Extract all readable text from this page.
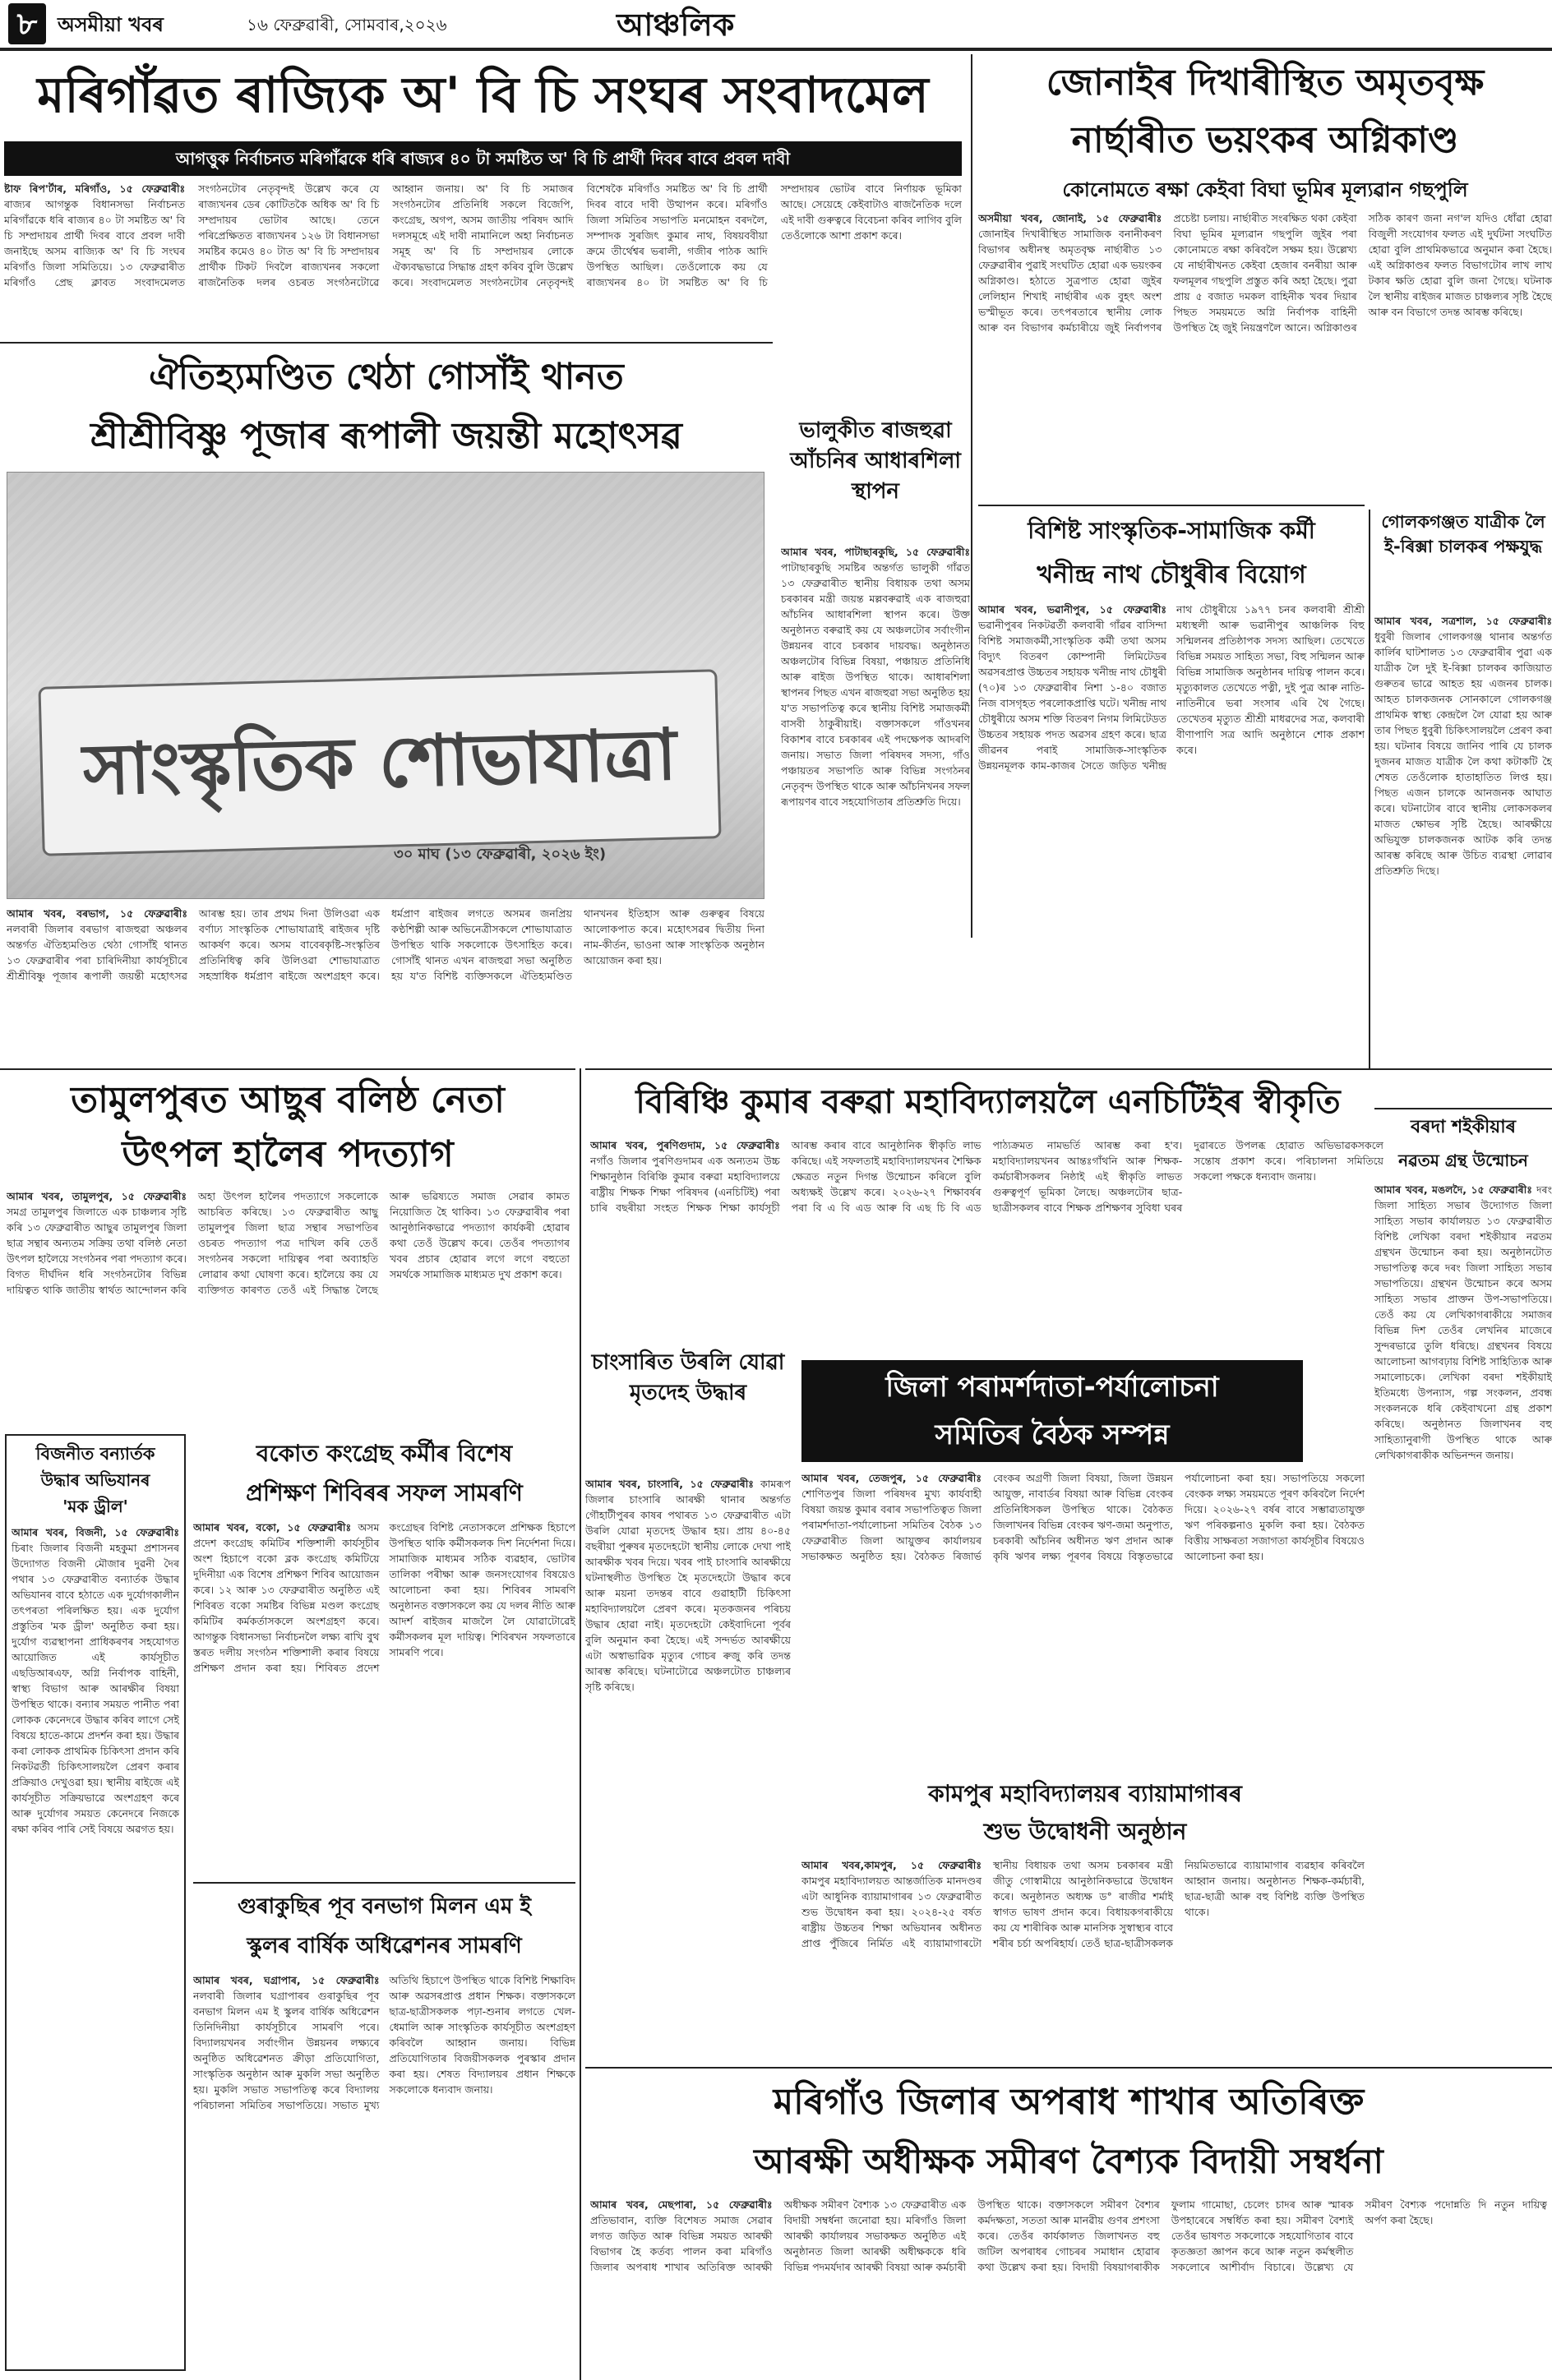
৮	অসমীয়া খবৰ	১৬ ফেব্ৰুৱাৰী, সোমবাৰ,২০২৬	আঞ্চলিক
মৰিগাঁৱত ৰাজ্যিক অ' বি চি সংঘৰ সংবাদমেল
আগত্তুক নিৰ্বাচনত মৰিগাঁৱকে ধৰি ৰাজ্যৰ ৪০ টা সমষ্টিত অ' বি চি প্ৰাৰ্থী দিবৰ বাবে প্ৰবল দাবী
ষ্টাফ ৰিপ'ৰ্টাৰ, মৰিগাঁও, ১৫ ফেব্ৰুৱাৰীঃ ৰাজ্যৰ আগন্তুক বিধানসভা নিৰ্বাচনত মৰিগাঁৱকে ধৰি ৰাজ্যৰ ৪০ টা সমষ্টিত অ' বি চি সম্প্ৰদায়ৰ প্ৰাৰ্থী দিবৰ বাবে প্ৰবল দাবী জনাইছে অসম ৰাজ্যিক অ' বি চি সংঘৰ মৰিগাঁও জিলা সমিতিয়ে। ১৩ ফেব্ৰুৱাৰীত মৰিগাঁও প্ৰেছ ক্লাবত সংবাদমেলত সংগঠনটোৰ নেতৃবৃন্দই উল্লেখ কৰে যে ৰাজ্যখনৰ ডেৰ কোটিতকৈ অধিক অ' বি চি সম্প্ৰদায়ৰ ভোটাৰ আছে। তেনে পৰিপ্ৰেক্ষিতত ৰাজ্যখনৰ ১২৬ টা বিধানসভা সমষ্টিৰ কমেও ৪০ টাত অ' বি চি সম্প্ৰদায়ৰ প্ৰাৰ্থীক টিকট দিবলৈ ৰাজ্যখনৰ সকলো ৰাজনৈতিক দলৰ ওচৰত সংগঠনটোৱে আহ্বান জনায়। অ' বি চি সমাজৰ সংগঠনটোৰ প্ৰতিনিধি সকলে বিজেপি, কংগ্ৰেছ, অগপ, অসম জাতীয় পৰিষদ আদি দলসমূহে এই দাবী নামানিলে অহা নিৰ্বাচনত সমূহ অ' বি চি সম্প্ৰদায়ৰ লোকে ঐক্যবদ্ধভাৱে সিদ্ধান্ত গ্ৰহণ কৰিব বুলি উল্লেখ কৰে। সংবাদমেলত সংগঠনটোৰ নেতৃবৃন্দই বিশেষকৈ মৰিগাঁও সমষ্টিত অ' বি চি প্ৰাৰ্থী দিবৰ বাবে দাবী উত্থাপন কৰে। মৰিগাঁও জিলা সমিতিৰ সভাপতি মনমোহন বৰদলৈ, সম্পাদক সুৰজিৎ কুমাৰ নাথ, বিষয়ববীয়া ক্ৰমে তীৰ্থেশ্বৰ ভৰালী, গজীৰ পাঠক আদি উপস্থিত আছিল। তেওঁলোকে কয় যে ৰাজ্যখনৰ ৪০ টা সমষ্টিত অ' বি চি সম্প্ৰদায়ৰ ভোটৰ বাবে নিৰ্ণায়ক ভূমিকা আছে। সেয়েহে কেইবাটাও ৰাজনৈতিক দলে এই দাবী গুৰুত্বৰে বিবেচনা কৰিব লাগিব বুলি তেওঁলোকে আশা প্ৰকাশ কৰে।
জোনাইৰ দিখাৰীস্থিত অমৃতবৃক্ষ
নাৰ্ছাৰীত ভয়ংকৰ অগ্নিকাণ্ড
কোনোমতে ৰক্ষা কেইবা বিঘা ভূমিৰ মূল্যৱান গছপুলি
অসমীয়া খবৰ, জোনাই, ১৫ ফেব্ৰুৱাৰীঃ জোনাইৰ দিখাৰীস্থিত সামাজিক বনানীকৰণ বিভাগৰ অধীনস্থ অমৃতবৃক্ষ নাৰ্ছাৰীত ১৩ ফেব্ৰুৱাৰীৰ পুৱাই সংঘটিত হোৱা এক ভয়ংকৰ অগ্নিকাণ্ড। হঠাতে সুত্ৰপাত হোৱা জুইৰ লেলিহান শিখাই নাৰ্ছাৰীৰ এক বুহৎ অংশ ভস্মীভূত কৰে। তৎপৰতাৰে স্থানীয় লোক আৰু বন বিভাগৰ কৰ্মচাৰীয়ে জুই নিৰ্বাপণৰ প্ৰচেষ্টা চলায়। নাৰ্ছাৰীত সংৰক্ষিত থকা কেইবা বিঘা ভূমিৰ মূল্যৱান গছপুলি জুইৰ পৰা কোনোমতে ৰক্ষা কৰিবলৈ সক্ষম হয়। উল্লেখ্য যে নাৰ্ছাৰীখনত কেইবা হেজাৰ বনৰীয়া আৰু ফলমূলৰ গছপুলি প্ৰস্তুত কৰি অহা হৈছে। পুৱা প্ৰায় ৫ বজাত দমকল বাহিনীক খবৰ দিয়াৰ পিছত সময়মতে অগ্নি নিৰ্বাপক বাহিনী উপস্থিত হৈ জুই নিয়ন্ত্ৰণলৈ আনে। অগ্নিকাণ্ডৰ সঠিক কাৰণ জনা নগ'ল যদিও ধোঁৱা হোৱা বিজুলী সংযোগৰ ফলত এই দুৰ্ঘটনা সংঘটিত হোৱা বুলি প্ৰাথমিকভাৱে অনুমান কৰা হৈছে। এই অগ্নিকাণ্ডৰ ফলত বিভাগটোৰ লাখ লাখ টকাৰ ক্ষতি হোৱা বুলি জনা গৈছে। ঘটনাক লৈ স্থানীয় ৰাইজৰ মাজত চাঞ্চল্যৰ সৃষ্টি হৈছে আৰু বন বিভাগে তদন্ত আৰম্ভ কৰিছে।
ঐতিহ্যমণ্ডিত থেঠা গোসাঁই থানত
শ্ৰীশ্ৰীবিষ্ণু পূজাৰ ৰূপালী জয়ন্তী মহোৎসৱ
সাংস্কৃতিক শোভাযাত্ৰা
৩০ মাঘ (১৩ ফেব্ৰুৱাৰী, ২০২৬ ইং)
আমাৰ খবৰ, বৰভাগ, ১৫ ফেব্ৰুৱাৰীঃ নলবাৰী জিলাৰ বৰভাগ ৰাজহুৱা অঞ্চলৰ অন্তৰ্গত ঐতিহ্যমণ্ডিত থেঠা গোসাঁই থানত ১৩ ফেব্ৰুৱাৰীৰ পৰা চাৰিদিনীয়া কাৰ্যসূচীৰে শ্ৰীশ্ৰীবিষ্ণু পূজাৰ ৰূপালী জয়ন্তী মহোৎসৱ আৰম্ভ হয়। তাৰ প্ৰথম দিনা উলিওৱা এক বৰ্ণাঢ্য সাংস্কৃতিক শোভাযাত্ৰাই ৰাইজৰ দৃষ্টি আকৰ্ষণ কৰে। অসম বাবেৰকৃষ্টি-সংস্কৃতিৰ প্ৰতিনিধিত্ব কৰি উলিওৱা শোভাযাত্ৰাত সহস্ৰাধিক ধৰ্মপ্ৰাণ ৰাইজে অংশগ্ৰহণ কৰে। ধৰ্মপ্ৰাণ ৰাইজৰ লগতে অসমৰ জনপ্ৰিয় কণ্ঠশিল্পী আৰু অভিনেত্ৰীসকলে শোভাযাত্ৰাত উপস্থিত থাকি সকলোকে উৎসাহিত কৰে। গোসাঁই থানত এখন ৰাজহুৱা সভা অনুষ্ঠিত হয় য'ত বিশিষ্ট ব্যক্তিসকলে ঐতিহ্যমণ্ডিত থানখনৰ ইতিহাস আৰু গুৰুত্বৰ বিষয়ে আলোকপাত কৰে। মহোৎসৱৰ দ্বিতীয় দিনা নাম-কীৰ্তন, ভাওনা আৰু সাংস্কৃতিক অনুষ্ঠান আয়োজন কৰা হয়।
ভালুকীত ৰাজহুৱা আঁচনিৰ আধাৰশিলা স্থাপন
আমাৰ খবৰ, পাটাছাৰকুছি, ১৫ ফেব্ৰুৱাৰীঃ পাটাছাৰকুছি সমষ্টিৰ অন্তৰ্গত ভালুকী গাঁৱত ১৩ ফেব্ৰুৱাৰীত স্থানীয় বিধায়ক তথা অসম চৰকাৰৰ মন্ত্ৰী জয়ন্ত মল্লবৰুৱাই এক ৰাজহুৱা আঁচনিৰ আধাৰশিলা স্থাপন কৰে। উক্ত অনুষ্ঠানত বৰুৱাই কয় যে অঞ্চলটোৰ সৰ্বাংগীন উন্নয়নৰ বাবে চৰকাৰ দায়বদ্ধ। অনুষ্ঠানত অঞ্চলটোৰ বিভিন্ন বিষয়া, পঞ্চায়ত প্ৰতিনিধি আৰু ৰাইজ উপস্থিত থাকে। আধাৰশিলা স্থাপনৰ পিছত এখন ৰাজহুৱা সভা অনুষ্ঠিত হয় য'ত সভাপতিত্ব কৰে স্থানীয় বিশিষ্ট সমাজকৰ্মী বাসবী ঠাকুৰীয়াই। বক্তাসকলে গাঁওখনৰ বিকাশৰ বাবে চৰকাৰৰ এই পদক্ষেপক আদৰণি জনায়। সভাত জিলা পৰিষদৰ সদস্য, গাঁও পঞ্চায়তৰ সভাপতি আৰু বিভিন্ন সংগঠনৰ নেতৃবৃন্দ উপস্থিত থাকে আৰু আঁচনিখনৰ সফল ৰূপায়ণৰ বাবে সহযোগিতাৰ প্ৰতিশ্ৰুতি দিয়ে।
বিশিষ্ট সাংস্কৃতিক-সামাজিক কৰ্মী
খনীন্দ্ৰ নাথ চৌধুৰীৰ বিয়োগ
আমাৰ খবৰ, ভৱানীপুৰ, ১৫ ফেব্ৰুৱাৰীঃ ভৱানীপুৰৰ নিকটৱৰ্তী কলবাৰী গাঁৱৰ বাসিন্দা বিশিষ্ট সমাজকৰ্মী,সাংস্কৃতিক কৰ্মী তথা অসম বিদ্যুৎ বিতৰণ কোম্পানী লিমিটেডৰ অৱসৰপ্ৰাপ্ত উচ্চতৰ সহায়ক খনীন্দ্ৰ নাথ চৌধুৰী (৭০)ৰ ১৩ ফেব্ৰুৱাৰীৰ নিশা ১-৪০ বজাত নিজ বাসগৃহত পৰলোকপ্ৰাপ্তি ঘটে। খনীন্দ্ৰ নাথ চৌধুৰীয়ে অসম শক্তি বিতৰণ নিগম লিমিটেডত উচ্চতৰ সহায়ক পদত অৱসৰ গ্ৰহণ কৰে। ছাত্ৰ জীৱনৰ পৰাই সামাজিক-সাংস্কৃতিক উন্নয়নমূলক কাম-কাজৰ সৈতে জড়িত খনীন্দ্ৰ নাথ চৌধুৰীয়ে ১৯৭৭ চনৰ কলবাৰী শ্ৰীশ্ৰী মধ্যস্থলী আৰু ভৱানীপুৰ আঞ্চলিক বিহু সন্মিলনৰ প্ৰতিষ্ঠাপক সদস্য আছিল। তেখেতে বিভিন্ন সময়ত সাহিত্য সভা, বিহু সন্মিলন আৰু বিভিন্ন সামাজিক অনুষ্ঠানৰ দায়িত্ব পালন কৰে। মৃত্যুকালত তেখেতে পত্নী, দুই পুত্ৰ আৰু নাতি-নাতিনীৰে ভৰা সংসাৰ এৰি থৈ গৈছে। তেখেতৰ মৃত্যুত শ্ৰীশ্ৰী মাধৱদেৱ সত্ৰ, কলবাৰী বীণাপাণি সত্ৰ আদি অনুষ্ঠানে শোক প্ৰকাশ কৰে।
গোলকগঞ্জত যাত্ৰীক লৈ ই-ৰিক্সা চালকৰ পক্ষযুদ্ধ
আমাৰ খবৰ, সত্ৰশাল, ১৫ ফেব্ৰুৱাৰীঃ ধুবুৰী জিলাৰ গোলকগঞ্জ থানাৰ অন্তৰ্গত কাৰ্লিৰ ঘাটশালত ১৩ ফেব্ৰুৱাৰীৰ পুৱা এক যাত্ৰীক লৈ দুই ই-ৰিক্সা চালকৰ কাজিয়াত গুৰুতৰ ভাৱে আহত হয় এজনৰ চালক। আহত চালকজনক সোনকালে গোলকগঞ্জ প্ৰাথমিক স্বাস্থ্য কেন্দ্ৰলৈ লৈ যোৱা হয় আৰু তাৰ পিছত ধুবুৰী চিকিৎসালয়লৈ প্ৰেৰণ কৰা হয়। ঘটনাৰ বিষয়ে জানিব পাৰি যে চালক দুজনৰ মাজত যাত্ৰীক লৈ কথা কটাকটি হৈ শেষত তেওঁলোক হাতাহাতিত লিপ্ত হয়। পিছত এজন চালকে আনজনক আঘাত কৰে। ঘটনাটোৰ বাবে স্থানীয় লোকসকলৰ মাজত ক্ষোভৰ সৃষ্টি হৈছে। আৰক্ষীয়ে অভিযুক্ত চালকজনক আটক কৰি তদন্ত আৰম্ভ কৰিছে আৰু উচিত ব্যৱস্থা লোৱাৰ প্ৰতিশ্ৰুতি দিছে।
তামুলপুৰত আছুৰ বলিষ্ঠ নেতা
উৎপল হালৈৰ পদত্যাগ
আমাৰ খবৰ, তামুলপুৰ, ১৫ ফেব্ৰুৱাৰীঃ সমগ্ৰ তামুলপুৰ জিলাতে এক চাঞ্চল্যৰ সৃষ্টি কৰি ১৩ ফেব্ৰুৱাৰীত আছুৰ তামুলপুৰ জিলা ছাত্ৰ সন্থাৰ অন্যতম সক্ৰিয় তথা বলিষ্ঠ নেতা উৎপল হালৈয়ে সংগঠনৰ পৰা পদত্যাগ কৰে। বিগত দীৰ্ঘদিন ধৰি সংগঠনটোৰ বিভিন্ন দায়িত্বত থাকি জাতীয় স্বাৰ্থত আন্দোলন কৰি অহা উৎপল হালৈৰ পদত্যাগে সকলোকে আচৰিত কৰিছে। ১৩ ফেব্ৰুৱাৰীত আছু তামুলপুৰ জিলা ছাত্ৰ সন্থাৰ সভাপতিৰ ওচৰত পদত্যাগ পত্ৰ দাখিল কৰি তেওঁ সংগঠনৰ সকলো দায়িত্বৰ পৰা অব্যাহতি লোৱাৰ কথা ঘোষণা কৰে। হালৈয়ে কয় যে ব্যক্তিগত কাৰণত তেওঁ এই সিদ্ধান্ত লৈছে আৰু ভৱিষ্যতে সমাজ সেৱাৰ কামত নিয়োজিত হৈ থাকিব। ১৩ ফেব্ৰুৱাৰীৰ পৰা আনুষ্ঠানিকভাৱে পদত্যাগ কাৰ্যকৰী হোৱাৰ কথা তেওঁ উল্লেখ কৰে। তেওঁৰ পদত্যাগৰ খবৰ প্ৰচাৰ হোৱাৰ লগে লগে বহুতো সমৰ্থকে সামাজিক মাধ্যমত দুখ প্ৰকাশ কৰে।
বিৰিঞ্চি কুমাৰ বৰুৱা মহাবিদ্যালয়লৈ এনচিটিইৰ স্বীকৃতি
আমাৰ খবৰ, পুৰণিগুদাম, ১৫ ফেব্ৰুৱাৰীঃ নগাঁও জিলাৰ পুৰণিগুদামৰ এক অন্যতম উচ্চ শিক্ষানুষ্ঠান বিৰিঞ্চি কুমাৰ বৰুৱা মহাবিদ্যালয়ে ৰাষ্ট্ৰীয় শিক্ষক শিক্ষা পৰিষদৰ (এনচিটিই) পৰা চাৰি বছৰীয়া সংহত শিক্ষক শিক্ষা কাৰ্যসূচী আৰম্ভ কৰাৰ বাবে আনুষ্ঠানিক স্বীকৃতি লাভ কৰিছে। এই সফলতাই মহাবিদ্যালয়খনৰ শৈক্ষিক ক্ষেত্ৰত নতুন দিগন্ত উন্মোচন কৰিলে বুলি অধ্যক্ষই উল্লেখ কৰে। ২০২৬-২৭ শিক্ষাবৰ্ষৰ পৰা বি এ বি এড আৰু বি এছ চি বি এড পাঠ্যক্ৰমত নামভৰ্তি আৰম্ভ কৰা হ'ব। মহাবিদ্যালয়খনৰ আন্তঃগাঁথনি আৰু শিক্ষক-কৰ্মচাৰীসকলৰ নিষ্ঠাই এই স্বীকৃতি লাভত গুৰুত্বপূৰ্ণ ভূমিকা লৈছে। অঞ্চলটোৰ ছাত্ৰ-ছাত্ৰীসকলৰ বাবে শিক্ষক প্ৰশিক্ষণৰ সুবিধা ঘৰৰ দুৱাৰতে উপলব্ধ হোৱাত অভিভাৱকসকলে সন্তোষ প্ৰকাশ কৰে। পৰিচালনা সমিতিয়ে সকলো পক্ষকে ধন্যবাদ জনায়।
বৰদা শইকীয়াৰ
নৱতম গ্ৰন্থ উন্মোচন
আমাৰ খবৰ, মঙলদৈ, ১৫ ফেব্ৰুৱাৰীঃ দৰং জিলা সাহিত্য সভাৰ উদ্যোগত জিলা সাহিত্য সভাৰ কাৰ্যালয়ত ১৩ ফেব্ৰুৱাৰীত বিশিষ্ট লেখিকা বৰদা শইকীয়াৰ নৱতম গ্ৰন্থখন উন্মোচন কৰা হয়। অনুষ্ঠানটোত সভাপতিত্ব কৰে দৰং জিলা সাহিত্য সভাৰ সভাপতিয়ে। গ্ৰন্থখন উন্মোচন কৰে অসম সাহিত্য সভাৰ প্ৰাক্তন উপ-সভাপতিয়ে। তেওঁ কয় যে লেখিকাগৰাকীয়ে সমাজৰ বিভিন্ন দিশ তেওঁৰ লেখনিৰ মাজেৰে সুন্দৰভাৱে তুলি ধৰিছে। গ্ৰন্থখনৰ বিষয়ে আলোচনা আগবঢ়ায় বিশিষ্ট সাহিত্যিক আৰু সমালোচকে। লেখিকা বৰদা শইকীয়াই ইতিমধ্যে উপন্যাস, গল্প সংকলন, প্ৰবন্ধ সংকলনকে ধৰি কেইবাখনো গ্ৰন্থ প্ৰকাশ কৰিছে। অনুষ্ঠানত জিলাখনৰ বহু সাহিত্যানুৰাগী উপস্থিত থাকে আৰু লেখিকাগৰাকীক অভিনন্দন জনায়।
চাংসাৰিত উৰলি যোৱা মৃতদেহ উদ্ধাৰ
আমাৰ খবৰ, চাংসাৰি, ১৫ ফেব্ৰুৱাৰীঃ কামৰূপ জিলাৰ চাংসাৰি আৰক্ষী থানাৰ অন্তৰ্গত গৌহাটীপুৰৰ কাষৰ পথাৰত ১৩ ফেব্ৰুৱাৰীত এটা উৰলি যোৱা মৃতদেহ উদ্ধাৰ হয়। প্ৰায় ৪০-৪৫ বছৰীয়া পুৰুষৰ মৃতদেহটো স্থানীয় লোকে দেখা পাই আৰক্ষীক খবৰ দিয়ে। খবৰ পাই চাংসাৰি আৰক্ষীয়ে ঘটনাস্থলীত উপস্থিত হৈ মৃতদেহটো উদ্ধাৰ কৰে আৰু ময়না তদন্তৰ বাবে গুৱাহাটী চিকিৎসা মহাবিদ্যালয়লৈ প্ৰেৰণ কৰে। মৃতকজনৰ পৰিচয় উদ্ধাৰ হোৱা নাই। মৃতদেহটো কেইবাদিনো পূৰ্বৰ বুলি অনুমান কৰা হৈছে। এই সন্দৰ্ভত আৰক্ষীয়ে এটা অস্বাভাৱিক মৃত্যুৰ গোচৰ ৰুজু কৰি তদন্ত আৰম্ভ কৰিছে। ঘটনাটোৱে অঞ্চলটোত চাঞ্চল্যৰ সৃষ্টি কৰিছে।
জিলা পৰামৰ্শদাতা-পৰ্যালোচনা
সমিতিৰ বৈঠক সম্পন্ন
আমাৰ খবৰ, তেজপুৰ, ১৫ ফেব্ৰুৱাৰীঃ শোণিতপুৰ জিলা পৰিষদৰ মুখ্য কাৰ্যবাহী বিষয়া জয়ন্ত কুমাৰ বৰাৰ সভাপতিত্বত জিলা পৰামৰ্শদাতা-পৰ্যালোচনা সমিতিৰ বৈঠক ১৩ ফেব্ৰুৱাৰীত জিলা আয়ুক্তৰ কাৰ্যালয়ৰ সভাকক্ষত অনুষ্ঠিত হয়। বৈঠকত ৰিজাৰ্ভ বেংকৰ অগ্ৰণী জিলা বিষয়া, জিলা উন্নয়ন আয়ুক্ত, নাবাৰ্ডৰ বিষয়া আৰু বিভিন্ন বেংকৰ প্ৰতিনিধিসকল উপস্থিত থাকে। বৈঠকত জিলাখনৰ বিভিন্ন বেংকৰ ঋণ-জমা অনুপাত, চৰকাৰী আঁচনিৰ অধীনত ঋণ প্ৰদান আৰু কৃষি ঋণৰ লক্ষ্য পূৰণৰ বিষয়ে বিস্তৃতভাৱে পৰ্যালোচনা কৰা হয়। সভাপতিয়ে সকলো বেংকক লক্ষ্য সময়মতে পূৰণ কৰিবলৈ নিৰ্দেশ দিয়ে। ২০২৬-২৭ বৰ্ষৰ বাবে সম্ভাৱ্যতাযুক্ত ঋণ পৰিকল্পনাও মুকলি কৰা হয়। বৈঠকত বিত্তীয় সাক্ষৰতা সজাগতা কাৰ্যসূচীৰ বিষয়েও আলোচনা কৰা হয়।
কামপুৰ মহাবিদ্যালয়ৰ ব্যায়ামাগাৰৰ
শুভ উদ্বোধনী অনুষ্ঠান
আমাৰ খবৰ,কামপুৰ, ১৫ ফেব্ৰুৱাৰীঃ কামপুৰ মহাবিদ্যালয়ত আন্তৰ্জাতিক মানদণ্ডৰ এটা আধুনিক ব্যায়ামাগাৰৰ ১৩ ফেব্ৰুৱাৰীত শুভ উদ্বোধন কৰা হয়। ২০২৪-২৫ বৰ্ষত ৰাষ্ট্ৰীয় উচ্চতৰ শিক্ষা অভিযানৰ অধীনত প্ৰাপ্ত পুঁজিৰে নিৰ্মিত এই ব্যায়ামাগাৰটো স্থানীয় বিধায়ক তথা অসম চৰকাৰৰ মন্ত্ৰী জীতু গোস্বামীয়ে আনুষ্ঠানিকভাৱে উদ্বোধন কৰে। অনুষ্ঠানত অধ্যক্ষ ড° ৰাজীৱ শৰ্মাই স্বাগত ভাষণ প্ৰদান কৰে। বিধায়কগৰাকীয়ে কয় যে শাৰীৰিক আৰু মানসিক সুস্বাস্থ্যৰ বাবে শৰীৰ চৰ্চা অপৰিহাৰ্য। তেওঁ ছাত্ৰ-ছাত্ৰীসকলক নিয়মিতভাৱে ব্যায়ামাগাৰ ব্যৱহাৰ কৰিবলৈ আহ্বান জনায়। অনুষ্ঠানত শিক্ষক-কৰ্মচাৰী, ছাত্ৰ-ছাত্ৰী আৰু বহু বিশিষ্ট ব্যক্তি উপস্থিত থাকে।
বিজনীত বন্যাৰ্তক
উদ্ধাৰ অভিযানৰ
'মক ড্ৰীল'
আমাৰ খবৰ, বিজনী, ১৫ ফেব্ৰুৱাৰীঃ চিৰাং জিলাৰ বিজনী মহকুমা প্ৰশাসনৰ উদ্যোগত বিজনী মৌজাৰ দুৱনী দৈৰ পথাৰ ১৩ ফেব্ৰুৱাৰীত বন্যাৰ্তক উদ্ধাৰ অভিযানৰ বাবে হঠাতে এক দুৰ্যোগকালীন তৎপৰতা পৰিলক্ষিত হয়। এক দুৰ্যোগ প্ৰস্তুতিৰ 'মক ড্ৰীল' অনুষ্ঠিত কৰা হয়। দুৰ্যোগ ব্যৱস্থাপনা প্ৰাধিকৰণৰ সহযোগত আয়োজিত এই কাৰ্যসূচীত এছডিআৰএফ, অগ্নি নিৰ্বাপক বাহিনী, স্বাস্থ্য বিভাগ আৰু আৰক্ষীৰ বিষয়া উপস্থিত থাকে। বন্যাৰ সময়ত পানীত পৰা লোকক কেনেদৰে উদ্ধাৰ কৰিব লাগে সেই বিষয়ে হাতে-কামে প্ৰদৰ্শন কৰা হয়। উদ্ধাৰ কৰা লোকক প্ৰাথমিক চিকিৎসা প্ৰদান কৰি নিকটৱৰ্তী চিকিৎসালয়লৈ প্ৰেৰণ কৰাৰ প্ৰক্ৰিয়াও দেখুওৱা হয়। স্থানীয় ৰাইজে এই কাৰ্যসূচীত সক্ৰিয়ভাৱে অংশগ্ৰহণ কৰে আৰু দুৰ্যোগৰ সময়ত কেনেদৰে নিজকে ৰক্ষা কৰিব পাৰি সেই বিষয়ে অৱগত হয়।
বকোত কংগ্ৰেছ কৰ্মীৰ বিশেষ
প্ৰশিক্ষণ শিবিৰৰ সফল সামৰণি
আমাৰ খবৰ, বকো, ১৫ ফেব্ৰুৱাৰীঃ অসম প্ৰদেশ কংগ্ৰেছ কমিটিৰ শক্তিশালী কাৰ্যসূচীৰ অংশ হিচাপে বকো ব্লক কংগ্ৰেছ কমিটিয়ে দুদিনীয়া এক বিশেষ প্ৰশিক্ষণ শিবিৰ আয়োজন কৰে। ১২ আৰু ১৩ ফেব্ৰুৱাৰীত অনুষ্ঠিত এই শিবিৰত বকো সমষ্টিৰ বিভিন্ন মণ্ডল কংগ্ৰেছ কমিটিৰ কৰ্মকৰ্তাসকলে অংশগ্ৰহণ কৰে। আগন্তুক বিধানসভা নিৰ্বাচনলৈ লক্ষ্য ৰাখি বুথ স্তৰত দলীয় সংগঠন শক্তিশালী কৰাৰ বিষয়ে প্ৰশিক্ষণ প্ৰদান কৰা হয়। শিবিৰত প্ৰদেশ কংগ্ৰেছৰ বিশিষ্ট নেতাসকলে প্ৰশিক্ষক হিচাপে উপস্থিত থাকি কৰ্মীসকলক দিশ নিৰ্দেশনা দিয়ে। সামাজিক মাধ্যমৰ সঠিক ব্যৱহাৰ, ভোটাৰ তালিকা পৰীক্ষা আৰু জনসংযোগৰ বিষয়েও আলোচনা কৰা হয়। শিবিৰৰ সামৰণি অনুষ্ঠানত বক্তাসকলে কয় যে দলৰ নীতি আৰু আদৰ্শ ৰাইজৰ মাজলৈ লৈ যোৱাটোৱেই কৰ্মীসকলৰ মূল দায়িত্ব। শিবিৰখন সফলতাৰে সামৰণি পৰে।
গুৰাকুছিৰ পূব বনভাগ মিলন এম ই
স্কুলৰ বাৰ্ষিক অধিৱেশনৰ সামৰণি
আমাৰ খবৰ, ঘগ্ৰাপাৰ, ১৫ ফেব্ৰুৱাৰীঃ নলবাৰী জিলাৰ ঘগ্ৰাপাৰৰ গুৰাকুছিৰ পূব বনভাগ মিলন এম ই স্কুলৰ বাৰ্ষিক অধিৱেশন তিনিদিনীয়া কাৰ্যসূচীৰে সামৰণি পৰে। বিদ্যালয়খনৰ সৰ্বাংগীন উন্নয়নৰ লক্ষ্যৰে অনুষ্ঠিত অধিৱেশনত ক্ৰীড়া প্ৰতিযোগিতা, সাংস্কৃতিক অনুষ্ঠান আৰু মুকলি সভা অনুষ্ঠিত হয়। মুকলি সভাত সভাপতিত্ব কৰে বিদ্যালয় পৰিচালনা সমিতিৰ সভাপতিয়ে। সভাত মুখ্য অতিথি হিচাপে উপস্থিত থাকে বিশিষ্ট শিক্ষাবিদ আৰু অৱসৰপ্ৰাপ্ত প্ৰধান শিক্ষক। বক্তাসকলে ছাত্ৰ-ছাত্ৰীসকলক পঢ়া-শুনাৰ লগতে খেল-ধেমালি আৰু সাংস্কৃতিক কাৰ্যসূচীত অংশগ্ৰহণ কৰিবলৈ আহ্বান জনায়। বিভিন্ন প্ৰতিযোগিতাৰ বিজয়ীসকলক পুৰস্কাৰ প্ৰদান কৰা হয়। শেষত বিদ্যালয়ৰ প্ৰধান শিক্ষকে সকলোকে ধন্যবাদ জনায়।	মৰিগাঁও জিলাৰ অপৰাধ শাখাৰ অতিৰিক্ত
আৰক্ষী অধীক্ষক সমীৰণ বৈশ্যক বিদায়ী সম্বৰ্ধনা
আমাৰ খবৰ, মেছপাৰা, ১৫ ফেব্ৰুৱাৰীঃ প্ৰতিভাবান, ব্যক্তি বিশেষত সমাজ সেৱাৰ লগত জড়িত আৰু বিভিন্ন সময়ত আৰক্ষী বিভাগৰ হৈ কৰ্তব্য পালন কৰা মৰিগাঁও জিলাৰ অপৰাধ শাখাৰ অতিৰিক্ত আৰক্ষী অধীক্ষক সমীৰণ বৈশ্যক ১৩ ফেব্ৰুৱাৰীত এক বিদায়ী সম্বৰ্ধনা জনোৱা হয়। মৰিগাঁও জিলা আৰক্ষী কাৰ্যালয়ৰ সভাকক্ষত অনুষ্ঠিত এই অনুষ্ঠানত জিলা আৰক্ষী অধীক্ষককে ধৰি বিভিন্ন পদমৰ্যদাৰ আৰক্ষী বিষয়া আৰু কৰ্মচাৰী উপস্থিত থাকে। বক্তাসকলে সমীৰণ বৈশ্যৰ কৰ্মদক্ষতা, সততা আৰু মানৱীয় গুণৰ প্ৰশংসা কৰে। তেওঁৰ কাৰ্যকালত জিলাখনত বহু জটিল অপৰাধৰ গোচৰৰ সমাধান হোৱাৰ কথা উল্লেখ কৰা হয়। বিদায়ী বিষয়াগৰাকীক ফুলাম গামোছা, চেলেং চাদৰ আৰু স্মাৰক উপহাৰেৰে সম্বৰ্ধিত কৰা হয়। সমীৰণ বৈশ্যই তেওঁৰ ভাষণত সকলোকে সহযোগিতাৰ বাবে কৃতজ্ঞতা জ্ঞাপন কৰে আৰু নতুন কৰ্মস্থলীত সকলোৰে আশীৰ্বাদ বিচাৰে। উল্লেখ্য যে সমীৰণ বৈশ্যক পদোন্নতি দি নতুন দায়িত্ব অৰ্পণ কৰা হৈছে।
